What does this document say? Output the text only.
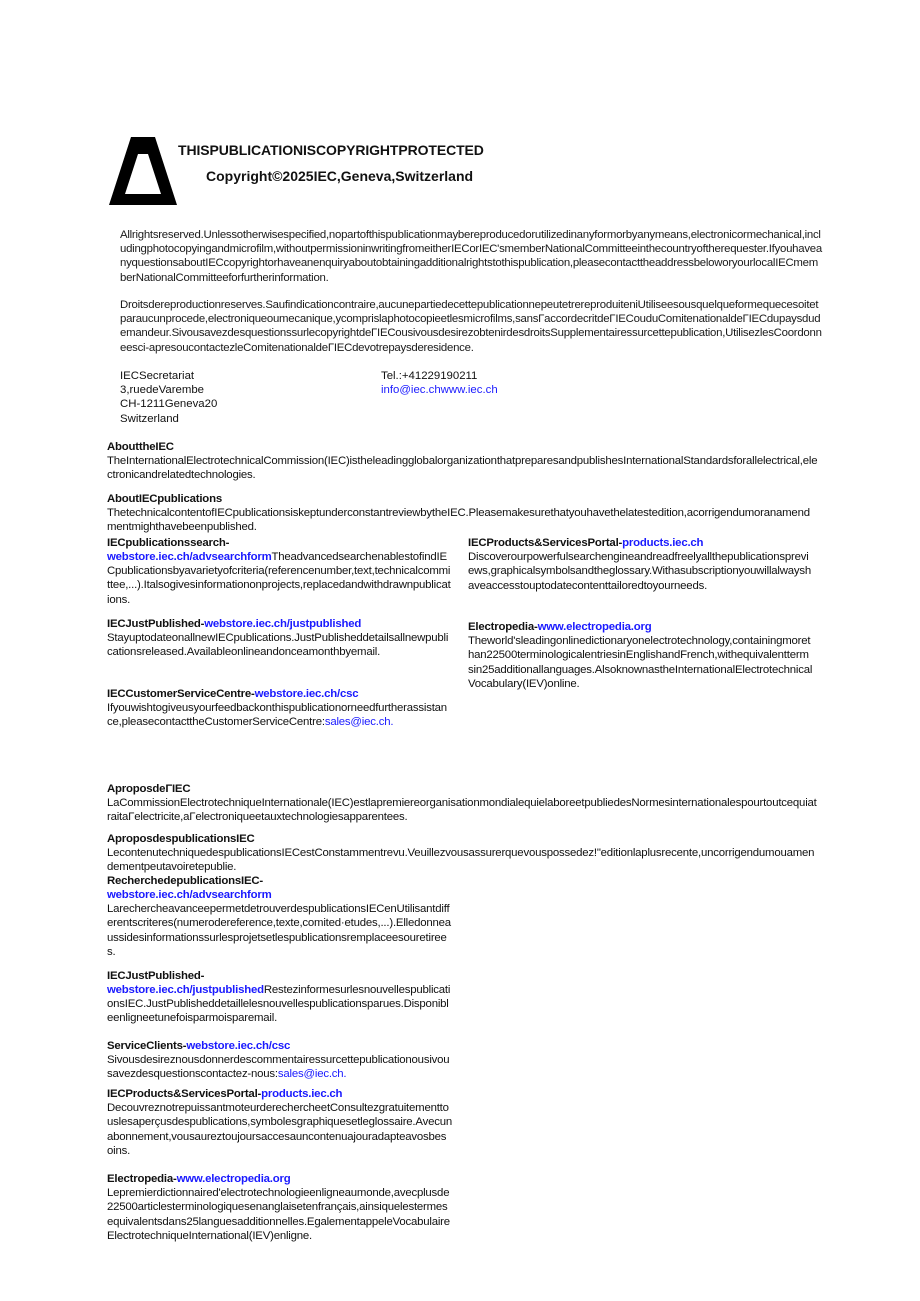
THISPUBLICATIONISCOPYRIGHTPROTECTED
Copyright©2025IEC,Geneva,Switzerland
Allrightsreserved.Unlessotherwisespecified,nopartofthispublicationmaybereproducedorutilizedinanyformorbyanymeans,electronicormechanical,includingphotocopyingandmicrofilm,withoutpermissioninwritingfromeitherIECorIEC'smemberNationalCommitteeinthecountryoftherequester.IfyouhaveanyquestionsaboutIECcopyrightorhaveanenquiryaboutobtainingadditionalrightstothispublication,pleasecontacttheaddressbeloworyourlocalIECmemberNationalCommitteeforfurtherinformation.
Droitsdereproductionreserves.Saufindicationcontraire,aucunepartiedecettepublicationnepeutetrereproduiteniUtiliseesousquelqueformequecesoitetparaucunprocede,electroniqueoumecanique,ycomprislaphotocopieetlesmicrofilms,sansΓaccordecritdeΓIECouduComitenationaldeΓIECdupaysdudemandeur.SivousavezdesquestionssurlecopyrightdeΓIECousivousdesirezobtenirdesdroitsSupplementairessurcettepublication,UtilisezlesCoordonneesci-apresoucontactezleComitenationaldeΓIECdevotrepaysderesidence.
IECSecretariat
3,ruedeVarembe
CH-1211Geneva20
Switzerland
Tel.:+41229190211
info@iec.chwww.iec.ch
AbouttheIEC
TheInternationalElectrotechnicalCommission(IEC)istheleadingglobalorganizationthatpreparesandpublishesInternationalStandardsforallelectrical,electronicandrelatedtechnologies.
AboutIECpublications
ThetechnicalcontentofIECpublicationsiskeptunderconstantreviewbytheIEC.Pleasemakesurethatyouhavethelatestedition,acorrigendumoranamendmentmighthavebeenpublished.
IECpublicationssearch-
webstore.iec.ch/advsearchformTheadvancedsearchenablestofindIECpublicationsbyavarietyofcriteria(referencenumber,text,technicalcommittee,...).Italsogivesinformationonprojects,replacedandwithdrawnpublications.
IECJustPublished-webstore.iec.ch/justpublished
StayuptodateonallnewIECpublications.JustPublisheddetailsallnewpublicationsreleased.Availableonlineandonceamonthbyemail.
IECCustomerServiceCentre-webstore.iec.ch/csc
Ifyouwishtogiveusyourfeedbackonthispublicationorneedfurtherassistance,pleasecontacttheCustomerServiceCentre:sales@iec.ch.
IECProducts&ServicesPortal-products.iec.ch
Discoverourpowerfulsearchengineandreadfreelyallthepublicationspreviews,graphicalsymbolsandtheglossary.Withasubscriptionyouwillalwayshaveaccesstouptodatecontenttailoredtoyourneeds.
Electropedia-www.electropedia.org
Theworld'sleadingonlinedictionaryonelectrotechnology,containingmorethan22500terminologicalentriesinEnglishandFrench,withequivalenttermsin25additionallanguages.AlsoknownastheInternationalElectrotechnicalVocabulary(IEV)online.
AproposdeΓIEC
LaCommissionElectrotechniqueInternationale(IEC)estlapremiereorganisationmondialequielaboreetpubliedesNormesinternationalespourtoutcequiatraitaΓelectricite,aΓelectroniqueetauxtechnologiesapparentees.
AproposdespublicationsIEC
LecontenutechniquedespublicationsIECestConstammentrevu.Veuillezvousassurerquevouspossedez!"editionlaplusrecente,uncorrigendumouamendementpeutavoiretepublie.
RecherchedepublicationsIEC-
webstore.iec.ch/advsearchform
LarechercheavanceepermetdetrouverdespublicationsIECenUtilisantdifferentscriteres(numerodereference,texte,comited·etudes,...).Elledonneaussidesinformationssurlesprojetsetlespublicationsremplaceesouretirees.
IECJustPublished-
webstore.iec.ch/justpublishedRestezinformesurlesnouvellespublicationsIEC.JustPublisheddetaillelesnouvellespublicationsparues.Disponibleenligneetunefoisparmoisparemail.
ServiceClients-webstore.iec.ch/csc
Sivousdesireznousdonnerdescommentairessurcettepublicationousivousavezdesquestionscontactez-nous:sales@iec.ch.
IECProducts&ServicesPortal-products.iec.ch
DecouvreznotrepuissantmoteurderechercheetConsultezgratuitementtouslesaperçusdespublications,symbolesgraphiquesetleglossaire.Avecunabonnement,vousaureztoujoursaccesauncontenuajouradapteavosbesoins.
Electropedia-www.electropedia.org
Lepremierdictionnaired'electrotechnologieenligneaumonde,avecplusde22500articlesterminologiquesenanglaisetenfrançais,ainsiquelestermesequivalentsdans25languesadditionnelles.EgalementappeleVocabulaireElectrotechniqueInternational(IEV)enligne.
